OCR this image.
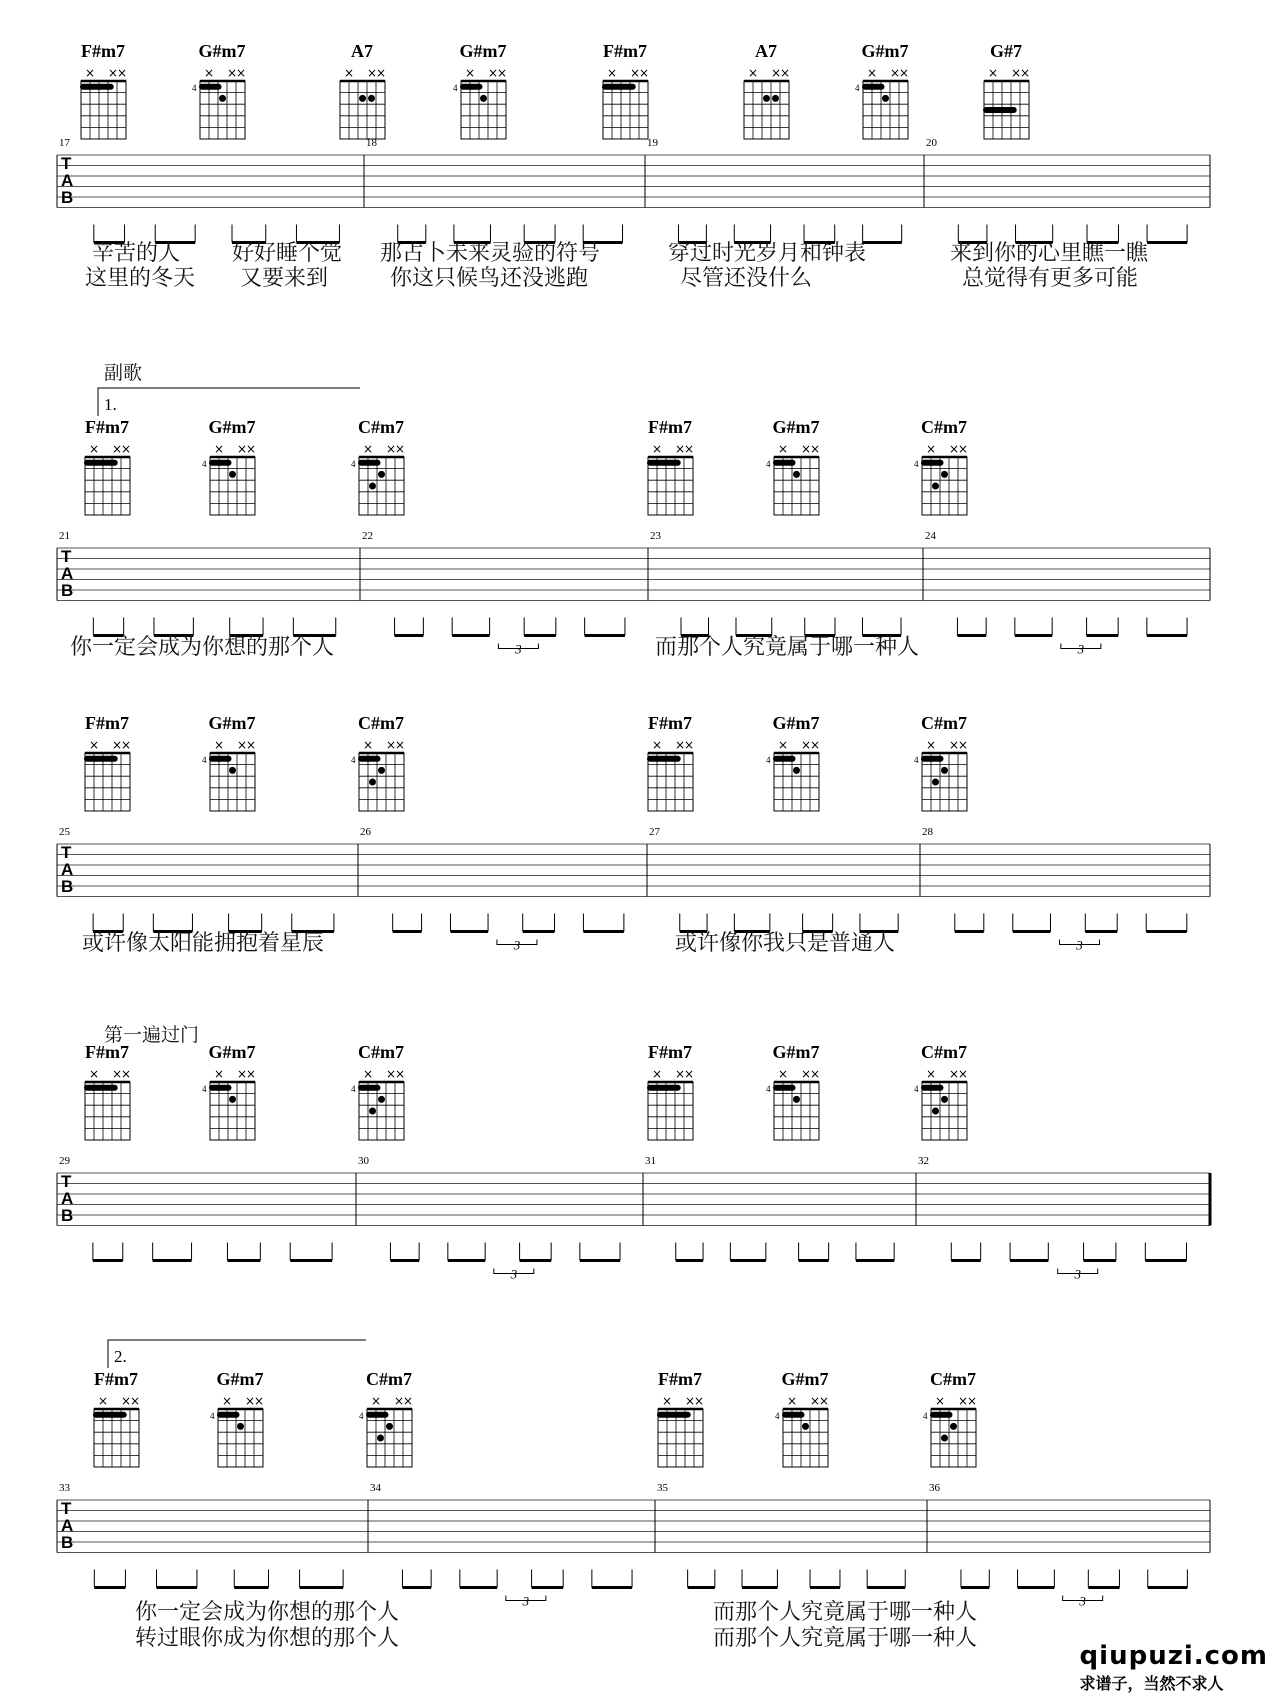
F#m7
× ×
×
G#m7
× ×
×
4
A7
× ×
×
G#m7
× ×
×
4
F#m7
× ×
×
A7
× ×
×
G#m7
× ×
×
4
G#7
× ×
×
T
A
B
17	18	19	20
1.
F#m7
× ×
×
G#m7
× ×
×
4
C#m7
× ×
×
4
F#m7
× ×
×
G#m7
× ×
×
4
C#m7
× ×
×
4
T
A
B
21	22	23	24
3	3
F#m7
× ×
×
G#m7
× ×
×
4
C#m7
× ×
×
4
F#m7
× ×
×
G#m7
× ×
×
4
C#m7
× ×
×
4
T
A
B
25	26	27	28
3	3
F#m7
× ×
×
G#m7
× ×
×
4
C#m7
× ×
×
4
F#m7
× ×
×
G#m7
× ×
×
4
C#m7
× ×
×
4
T
A
B
29	30	31	32
3	3
2.
F#m7
× ×
×
G#m7
× ×
×
4
C#m7
× ×
×
4
F#m7
× ×
×
G#m7
× ×
×
4
C#m7
× ×
×
4
T
A
B
33	34	35	36
3	3
辛苦的人 好好睡个觉 那占卜未来灵验的符号	穿过时光岁月和钟表	来到你的心里瞧一瞧
这里的冬天 又要来到	你这只候鸟还没逃跑	尽管还没什么	总觉得有更多可能
副歌
你一定会成为你想的那个人	而那个人究竟属于哪一种人
或许像太阳能拥抱着星辰	或许像你我只是普通人
第一遍过门
你一定会成为你想的那个人	而那个人究竟属于哪一种人
转过眼你成为你想的那个人	而那个人究竟属于哪一种人
qiupuzi.com
求谱子，当然不求人
